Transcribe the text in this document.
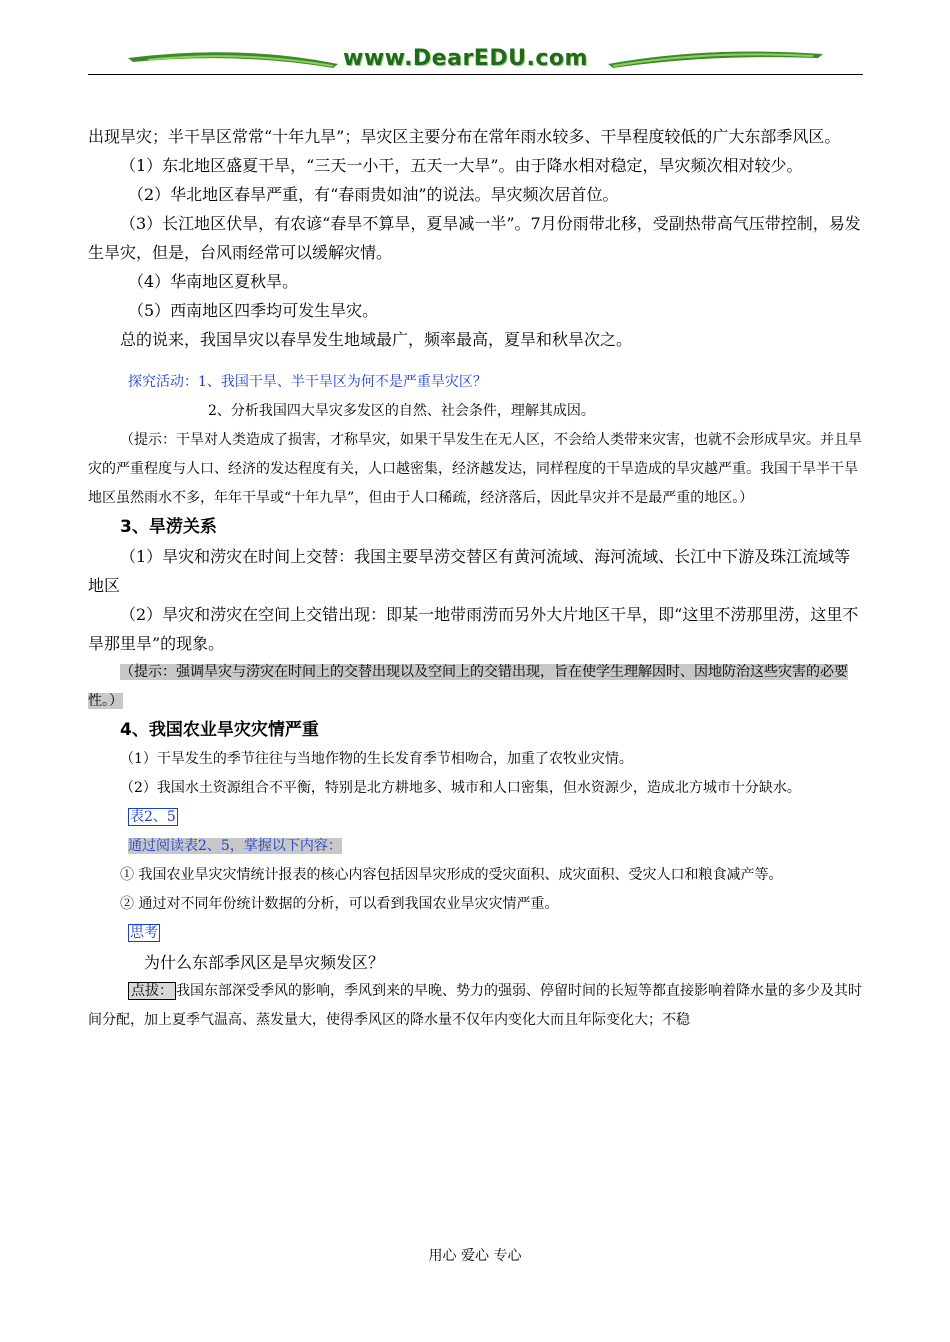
www.DearEDU.com

出现旱灾；半干旱区常常“十年九旱”；旱灾区主要分布在常年雨水较多、干旱程度较低的广大东部季风区。

（1）东北地区盛夏干旱，“三天一小干，五天一大旱”。由于降水相对稳定，旱灾频次相对较少。

（2）华北地区春旱严重，有“春雨贵如油”的说法。旱灾频次居首位。

（3）长江地区伏旱，有农谚“春旱不算旱，夏旱减一半”。7月份雨带北移，受副热带高气压带控制，易发生旱灾，但是，台风雨经常可以缓解灾情。

（4）华南地区夏秋旱。

（5）西南地区四季均可发生旱灾。

总的说来，我国旱灾以春旱发生地域最广，频率最高，夏旱和秋旱次之。

探究活动：1、我国干旱、半干旱区为何不是严重旱灾区？

2、分析我国四大旱灾多发区的自然、社会条件，理解其成因。

（提示：干旱对人类造成了损害，才称旱灾，如果干旱发生在无人区，不会给人类带来灾害，也就不会形成旱灾。并且旱灾的严重程度与人口、经济的发达程度有关，人口越密集，经济越发达，同样程度的干旱造成的旱灾越严重。我国干旱半干旱地区虽然雨水不多，年年干旱或“十年九旱”，但由于人口稀疏，经济落后，因此旱灾并不是最严重的地区。）

3、旱涝关系

（1）旱灾和涝灾在时间上交替：我国主要旱涝交替区有黄河流域、海河流域、长江中下游及珠江流域等地区

（2）旱灾和涝灾在空间上交错出现：即某一地带雨涝而另外大片地区干旱，即“这里不涝那里涝，这里不旱那里旱”的现象。

（提示：强调旱灾与涝灾在时间上的交替出现以及空间上的交错出现，旨在使学生理解因时、因地防治这些灾害的必要性。）

4、我国农业旱灾灾情严重

（1）干旱发生的季节往往与当地作物的生长发育季节相吻合，加重了农牧业灾情。

（2）我国水土资源组合不平衡，特别是北方耕地多、城市和人口密集，但水资源少，造成北方城市十分缺水。

表2、5

通过阅读表2、5，掌握以下内容：

① 我国农业旱灾灾情统计报表的核心内容包括因旱灾形成的受灾面积、成灾面积、受灾人口和粮食减产等。

② 通过对不同年份统计数据的分析，可以看到我国农业旱灾灾情严重。

思考

为什么东部季风区是旱灾频发区？

点拔： 我国东部深受季风的影响，季风到来的早晚、势力的强弱、停留时间的长短等都直接影响着降水量的多少及其时间分配，加上夏季气温高、蒸发量大，使得季风区的降水量不仅年内变化大而且年际变化大；不稳

用心 爱心 专心
